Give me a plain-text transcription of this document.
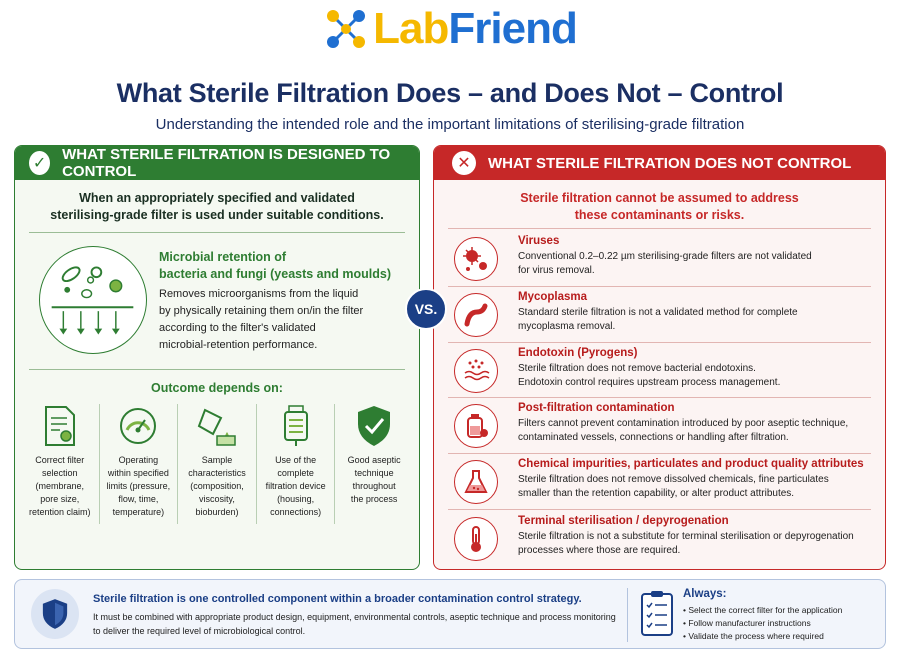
LabFriend
What Sterile Filtration Does – and Does Not – Control
Understanding the intended role and the important limitations of sterilising-grade filtration
✓
WHAT STERILE FILTRATION IS DESIGNED TO CONTROL
When an appropriately specified and validated
sterilising-grade filter is used under suitable conditions.
Microbial retention of
bacteria and fungi (yeasts and moulds)
Removes microorganisms from the liquid
by physically retaining them on/in the filter
according to the filter's validated
microbial-retention performance.
Outcome depends on:
Correct filter
selection
(membrane,
pore size,
retention claim)
Operating
within specified
limits (pressure,
flow, time,
temperature)
Sample
characteristics
(composition,
viscosity,
bioburden)
Use of the
complete
filtration device
(housing,
connections)
Good aseptic
technique
throughout
the process
VS.
✕	WHAT STERILE FILTRATION DOES NOT CONTROL
Sterile filtration cannot be assumed to address
these contaminants or risks.
Viruses
Conventional 0.2–0.22 µm sterilising-grade filters are not validated
for virus removal.
Mycoplasma
Standard sterile filtration is not a validated method for complete
mycoplasma removal.
Endotoxin (Pyrogens)
Sterile filtration does not remove bacterial endotoxins.
Endotoxin control requires upstream process management.
Post-filtration contamination
Filters cannot prevent contamination introduced by poor aseptic technique,
contaminated vessels, connections or handling after filtration.
Chemical impurities, particulates and product quality attributes
Sterile filtration does not remove dissolved chemicals, fine particulates
smaller than the retention capability, or alter product attributes.
Terminal sterilisation / depyrogenation
Sterile filtration is not a substitute for terminal sterilisation or depyrogenation
processes where those are required.
Sterile filtration is one controlled component within a broader contamination control strategy.
It must be combined with appropriate product design, equipment, environmental controls, aseptic technique and process monitoring
to deliver the required level of microbiological control.
Always:
• Select the correct filter for the application
• Follow manufacturer instructions
• Validate the process where required
